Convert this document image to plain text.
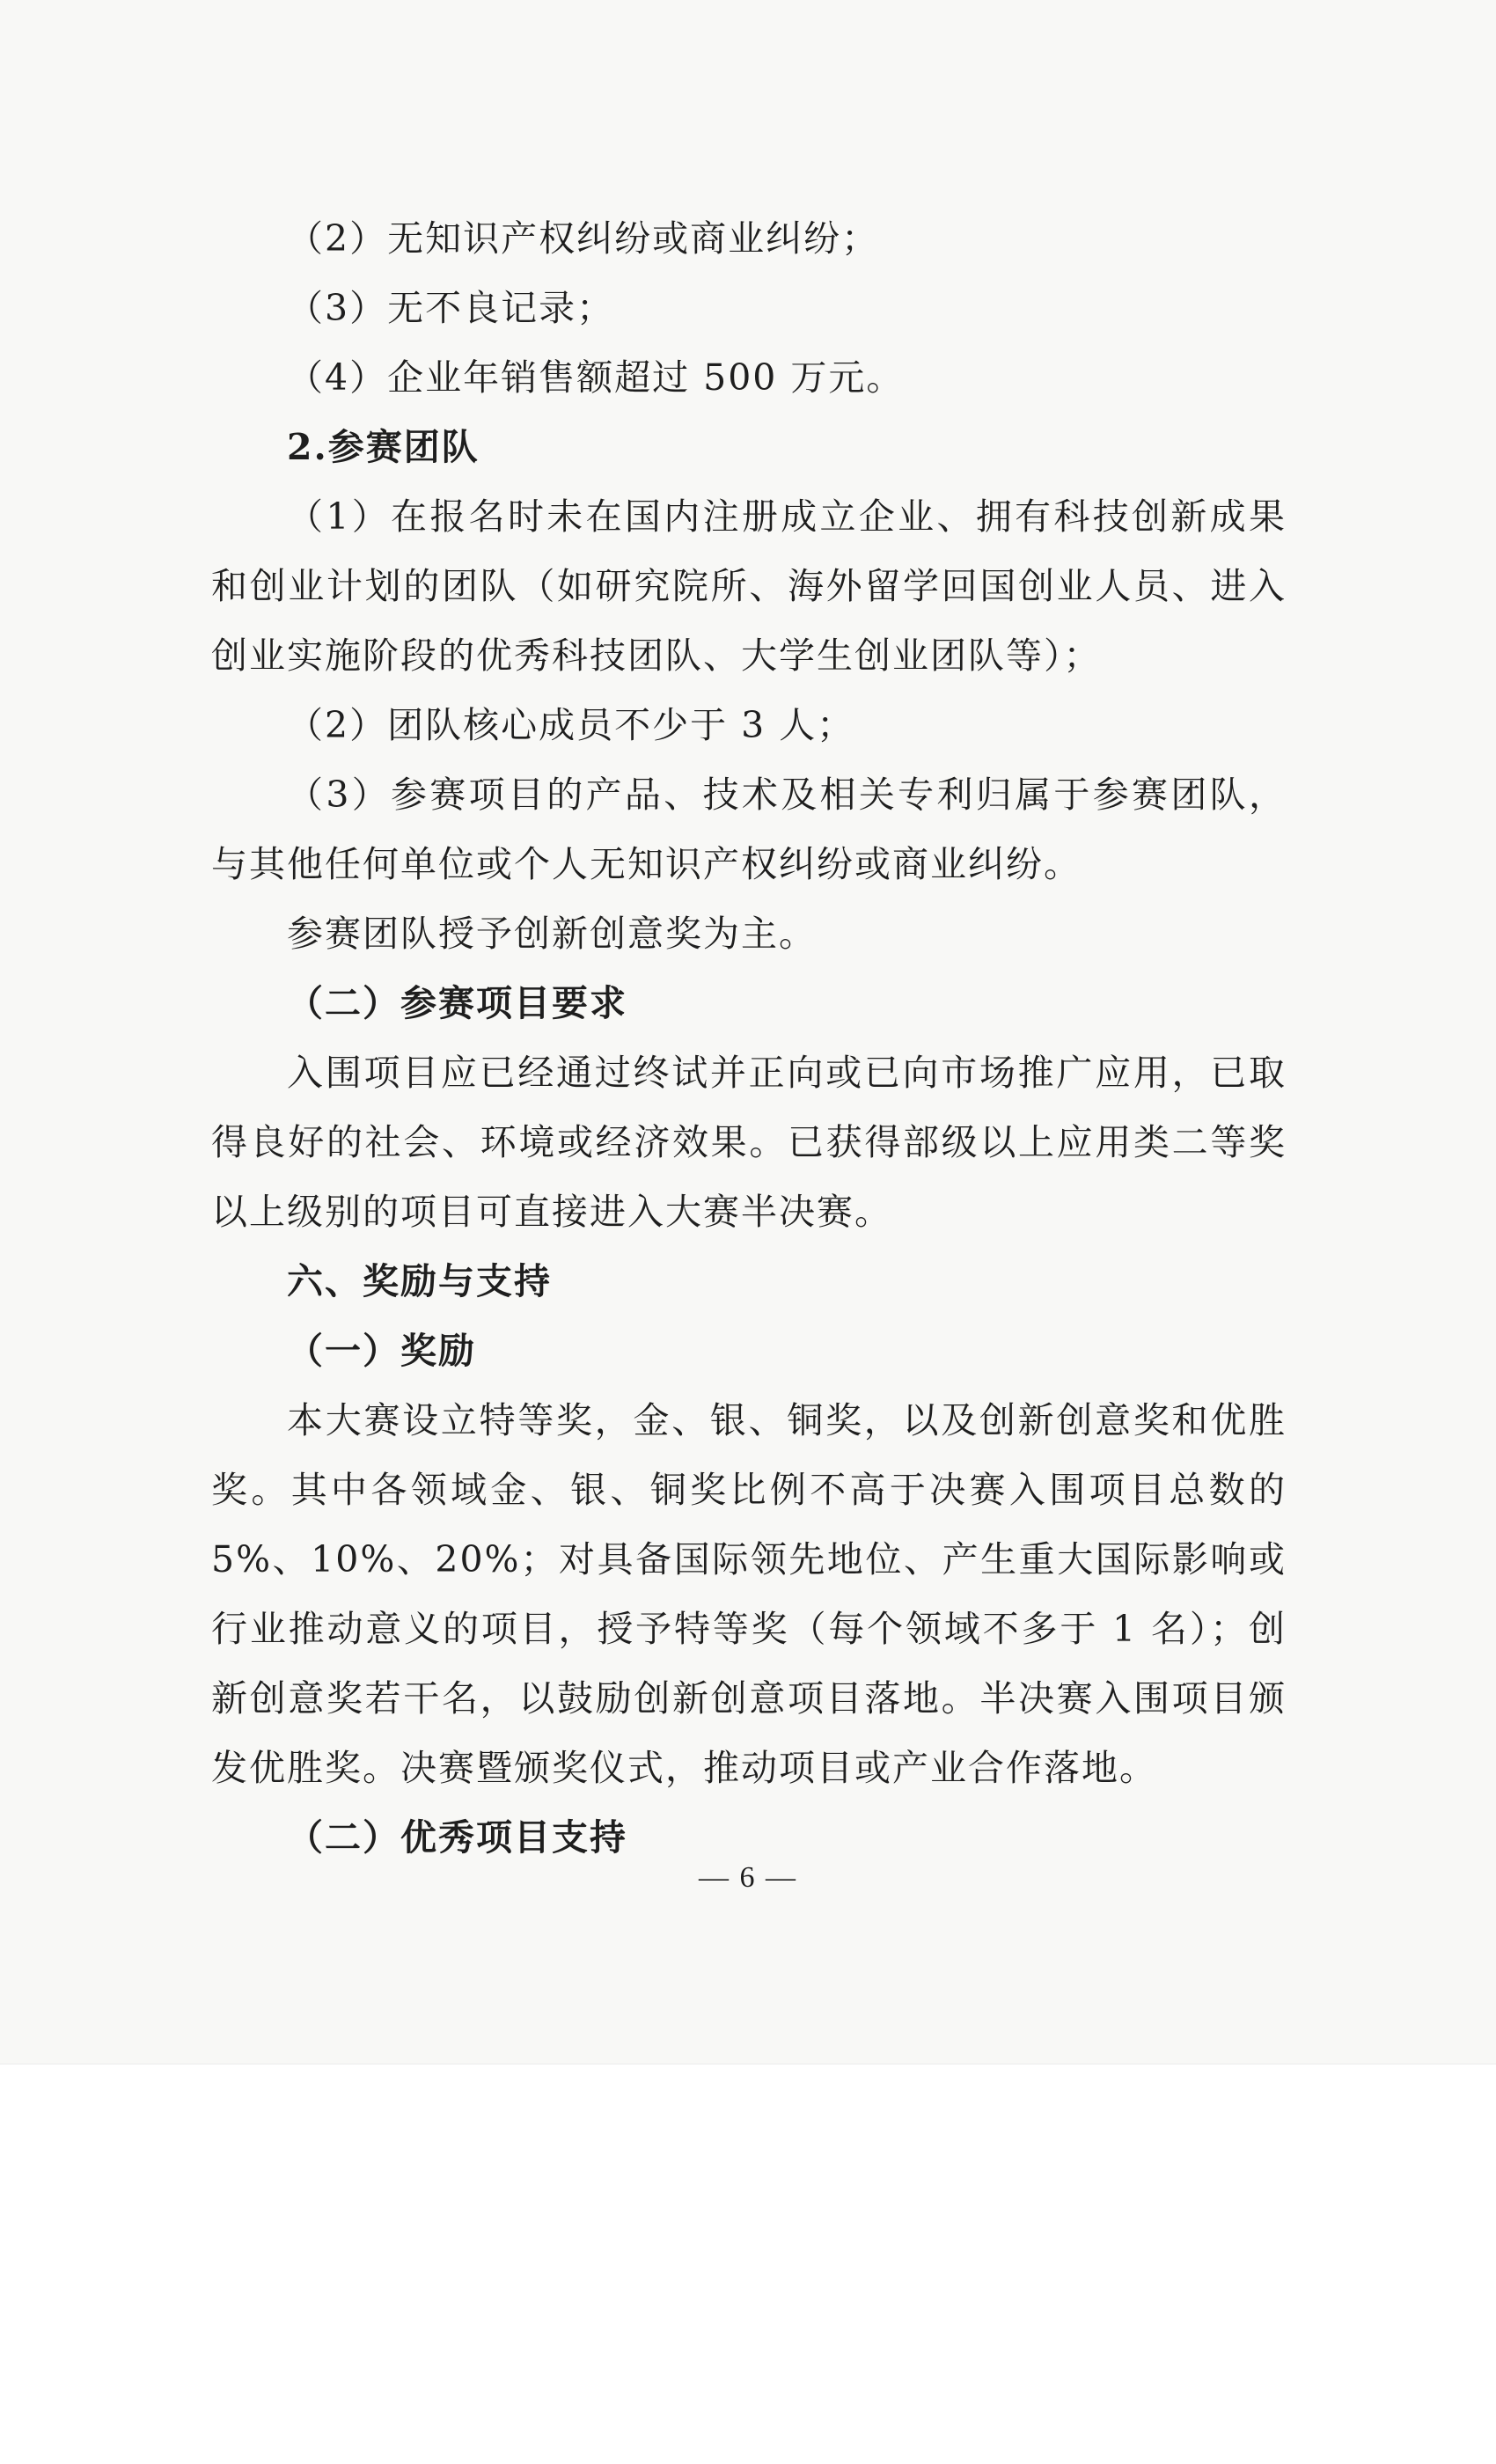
（2）无知识产权纠纷或商业纠纷；

（3）无不良记录；

（4）企业年销售额超过 500 万元。

2.参赛团队

（1）在报名时未在国内注册成立企业、拥有科技创新成果和创业计划的团队（如研究院所、海外留学回国创业人员、进入创业实施阶段的优秀科技团队、大学生创业团队等）；

（2）团队核心成员不少于 3 人；

（3）参赛项目的产品、技术及相关专利归属于参赛团队，与其他任何单位或个人无知识产权纠纷或商业纠纷。

参赛团队授予创新创意奖为主。

（二）参赛项目要求

入围项目应已经通过终试并正向或已向市场推广应用，已取得良好的社会、环境或经济效果。已获得部级以上应用类二等奖以上级别的项目可直接进入大赛半决赛。

六、奖励与支持

（一）奖励

本大赛设立特等奖，金、银、铜奖，以及创新创意奖和优胜奖。其中各领域金、银、铜奖比例不高于决赛入围项目总数的5%、10%、20%；对具备国际领先地位、产生重大国际影响或行业推动意义的项目，授予特等奖（每个领域不多于 1 名）；创新创意奖若干名，以鼓励创新创意项目落地。半决赛入围项目颁发优胜奖。决赛暨颁奖仪式，推动项目或产业合作落地。

（二）优秀项目支持

— 6 —
